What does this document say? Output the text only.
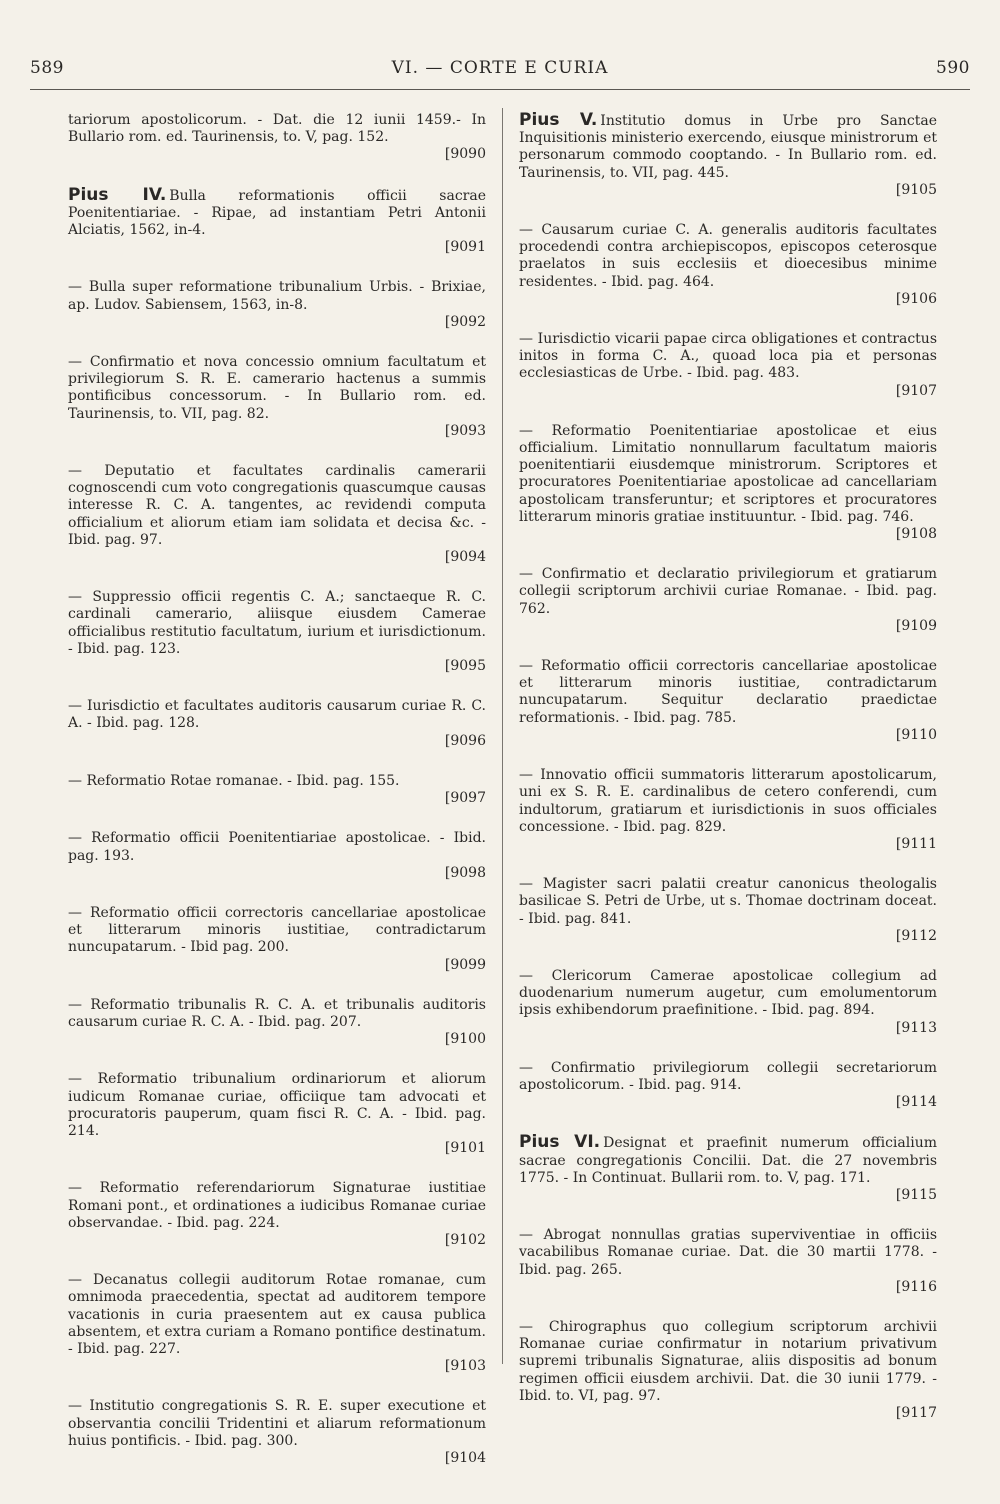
589	VI. — CORTE E CURIA	590
tariorum apostolicorum. - Dat. die 12 iunii 1459.- In Bullario rom. ed. Taurinensis, to. V, pag. 152.
[9090
Pius IV. Bulla reformationis officii sacrae Poenitentiariae. - Ripae, ad instantiam Petri Antonii Alciatis, 1562, in-4.
[9091
— Bulla super reformatione tribunalium Urbis. - Brixiae, ap. Ludov. Sabiensem, 1563, in-8.
[9092
— Confirmatio et nova concessio omnium facultatum et privilegiorum S. R. E. camerario hactenus a summis pontificibus concessorum. - In Bullario rom. ed. Taurinensis, to. VII, pag. 82.
[9093
— Deputatio et facultates cardinalis camerarii cognoscendi cum voto congregationis quascumque causas interesse R. C. A. tangentes, ac revidendi computa officialium et aliorum etiam iam solidata et decisa &c. - Ibid. pag. 97.
[9094
— Suppressio officii regentis C. A.; sanctaeque R. C. cardinali camerario, aliisque eiusdem Camerae officialibus restitutio facultatum, iurium et iurisdictionum. - Ibid. pag. 123.
[9095
— Iurisdictio et facultates auditoris causarum curiae R. C. A. - Ibid. pag. 128.
[9096
— Reformatio Rotae romanae. - Ibid. pag. 155.
[9097
— Reformatio officii Poenitentiariae apostolicae. - Ibid. pag. 193.
[9098
— Reformatio officii correctoris cancellariae apostolicae et litterarum minoris iustitiae, contradictarum nuncupatarum. - Ibid pag. 200.
[9099
— Reformatio tribunalis R. C. A. et tribunalis auditoris causarum curiae R. C. A. - Ibid. pag. 207.
[9100
— Reformatio tribunalium ordinariorum et aliorum iudicum Romanae curiae, officiique tam advocati et procuratoris pauperum, quam fisci R. C. A. - Ibid. pag. 214.
[9101
— Reformatio referendariorum Signaturae iustitiae Romani pont., et ordinationes a iudicibus Romanae curiae observandae. - Ibid. pag. 224.
[9102
— Decanatus collegii auditorum Rotae romanae, cum omnimoda praecedentia, spectat ad auditorem tempore vacationis in curia praesentem aut ex causa publica absentem, et extra curiam a Romano pontifice destinatum. - Ibid. pag. 227.
[9103
— Institutio congregationis S. R. E. super executione et observantia concilii Tridentini et aliarum reformationum huius pontificis. - Ibid. pag. 300.
[9104
Pius V. Institutio domus in Urbe pro Sanctae Inquisitionis ministerio exercendo, eiusque ministrorum et personarum commodo cooptando. - In Bullario rom. ed. Taurinensis, to. VII, pag. 445.
[9105
— Causarum curiae C. A. generalis auditoris facultates procedendi contra archiepiscopos, episcopos ceterosque praelatos in suis ecclesiis et dioecesibus minime residentes. - Ibid. pag. 464.
[9106
— Iurisdictio vicarii papae circa obligationes et contractus initos in forma C. A., quoad loca pia et personas ecclesiasticas de Urbe. - Ibid. pag. 483.
[9107
— Reformatio Poenitentiariae apostolicae et eius officialium. Limitatio nonnullarum facultatum maioris poenitentiarii eiusdemque ministrorum. Scriptores et procuratores Poenitentiariae apostolicae ad cancellariam apostolicam transferuntur; et scriptores et procuratores litterarum minoris gratiae instituuntur. - Ibid. pag. 746.
[9108
— Confirmatio et declaratio privilegiorum et gratiarum collegii scriptorum archivii curiae Romanae. - Ibid. pag. 762.
[9109
— Reformatio officii correctoris cancellariae apostolicae et litterarum minoris iustitiae, contradictarum nuncupatarum. Sequitur declaratio praedictae reformationis. - Ibid. pag. 785.
[9110
— Innovatio officii summatoris litterarum apostolicarum, uni ex S. R. E. cardinalibus de cetero conferendi, cum indultorum, gratiarum et iurisdictionis in suos officiales concessione. - Ibid. pag. 829.
[9111
— Magister sacri palatii creatur canonicus theologalis basilicae S. Petri de Urbe, ut s. Thomae doctrinam doceat. - Ibid. pag. 841.
[9112
— Clericorum Camerae apostolicae collegium ad duodenarium numerum augetur, cum emolumentorum ipsis exhibendorum praefinitione. - Ibid. pag. 894.
[9113
— Confirmatio privilegiorum collegii secretariorum apostolicorum. - Ibid. pag. 914.
[9114
Pius VI. Designat et praefinit numerum officialium sacrae congregationis Concilii. Dat. die 27 novembris 1775. - In Continuat. Bullarii rom. to. V, pag. 171.
[9115
— Abrogat nonnullas gratias superviventiae in officiis vacabilibus Romanae curiae. Dat. die 30 martii 1778. - Ibid. pag. 265.
[9116
— Chirographus quo collegium scriptorum archivii Romanae curiae confirmatur in notarium privativum supremi tribunalis Signaturae, aliis dispositis ad bonum regimen officii eiusdem archivii. Dat. die 30 iunii 1779. - Ibid. to. VI, pag. 97.
[9117
